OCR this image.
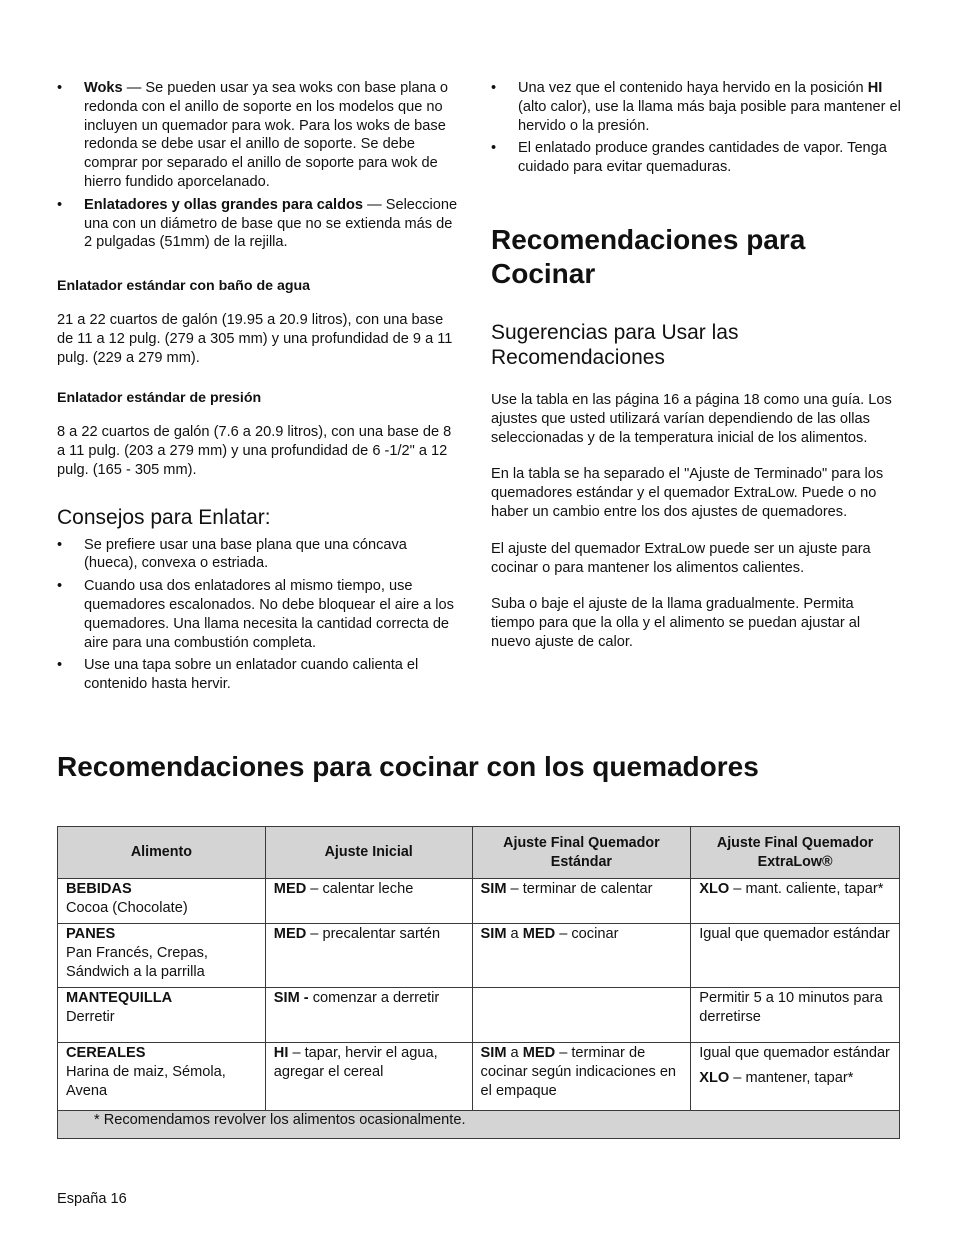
• Woks — Se pueden usar ya sea woks con base plana o redonda con el anillo de soporte en los modelos que no incluyen un quemador para wok. Para los woks de base redonda se debe usar el anillo de soporte. Se debe comprar por separado el anillo de soporte para wok de hierro fundido aporcelanado.
• Enlatadores y ollas grandes para caldos — Seleccione una con un diámetro de base que no se extienda más de 2 pulgadas (51mm) de la rejilla.

Enlatador estándar con baño de agua

21 a 22 cuartos de galón (19.95 a 20.9 litros), con una base de 11 a 12 pulg. (279 a 305 mm) y una profundidad de 9 a 11 pulg. (229 a 279 mm).

Enlatador estándar de presión

8 a 22 cuartos de galón (7.6 a 20.9 litros), con una base de 8 a 11 pulg. (203 a 279 mm) y una profundidad de 6 -1/2" a 12 pulg. (165 - 305 mm).

Consejos para Enlatar:
• Se prefiere usar una base plana que una cóncava (hueca), convexa o estriada.
• Cuando usa dos enlatadores al mismo tiempo, use quemadores escalonados. No debe bloquear el aire a los quemadores. Una llama necesita la cantidad correcta de aire para una combustión completa.
• Use una tapa sobre un enlatador cuando calienta el contenido hasta hervir.
• Una vez que el contenido haya hervido en la posición HI (alto calor), use la llama más baja posible para mantener el hervido o la presión.
• El enlatado produce grandes cantidades de vapor. Tenga cuidado para evitar quemaduras.
Recomendaciones para
Cocinar
Sugerencias para Usar las
Recomendaciones

Use la tabla en las página 16 a página 18 como una guía. Los ajustes que usted utilizará varían dependiendo de las ollas seleccionadas y de la temperatura inicial de los alimentos.

En la tabla se ha separado el "Ajuste de Terminado" para los quemadores estándar y el quemador ExtraLow. Puede o no haber un cambio entre los dos ajustes de quemadores.

El ajuste del quemador ExtraLow puede ser un ajuste para cocinar o para mantener los alimentos calientes.

Suba o baje el ajuste de la llama gradualmente. Permita tiempo para que la olla y el alimento se puedan ajustar al nuevo ajuste de calor.

Recomendaciones para cocinar con los quemadores
Alimento	Ajuste Inicial	Ajuste Final Quemador Estándar	Ajuste Final Quemador ExtraLow®
BEBIDAS
Cocoa (Chocolate)	MED – calentar leche	SIM – terminar de calentar	XLO – mant. caliente, tapar*
PANES
Pan Francés, Crepas, Sándwich a la parrilla	MED – precalentar sartén	SIM a MED – cocinar	Igual que quemador estándar
MANTEQUILLA
Derretir	SIM - comenzar a derretir		Permitir 5 a 10 minutos para derretirse
CEREALES
Harina de maiz, Sémola, Avena	HI – tapar, hervir el agua, agregar el cereal	SIM a MED – terminar de cocinar según indicaciones en el empaque	Igual que quemador estándar
XLO – mantener, tapar*

* Recomendamos revolver los alimentos ocasionalmente.			
España 16
